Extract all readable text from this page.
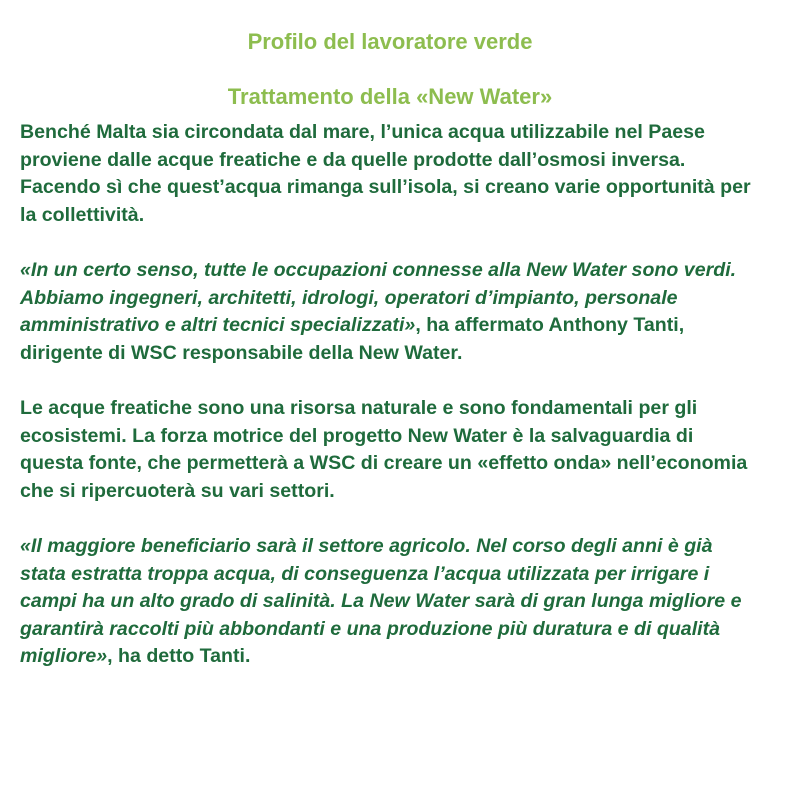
Profilo del lavoratore verde
Trattamento della «New Water»

Benché Malta sia circondata dal mare, l’unica acqua utilizzabile nel Paese proviene dalle acque freatiche e da quelle prodotte dall’osmosi inversa. Facendo sì che quest’acqua rimanga sull’isola, si creano varie opportunità per la collettività.

«In un certo senso, tutte le occupazioni connesse alla New Water sono verdi. Abbiamo ingegneri, architetti, idrologi, operatori d’impianto, personale amministrativo e altri tecnici specializzati», ha affermato Anthony Tanti, dirigente di WSC responsabile della New Water.

Le acque freatiche sono una risorsa naturale e sono fondamentali per gli ecosistemi. La forza motrice del progetto New Water è la salvaguardia di questa fonte, che permetterà a WSC di creare un «effetto onda» nell’economia che si ripercuoterà su vari settori.

«Il maggiore beneficiario sarà il settore agricolo. Nel corso degli anni è già stata estratta troppa acqua, di conseguenza l’acqua utilizzata per irrigare i campi ha un alto grado di salinità. La New Water sarà di gran lunga migliore e garantirà raccolti più abbondanti e una produzione più duratura e di qualità migliore», ha detto Tanti.
